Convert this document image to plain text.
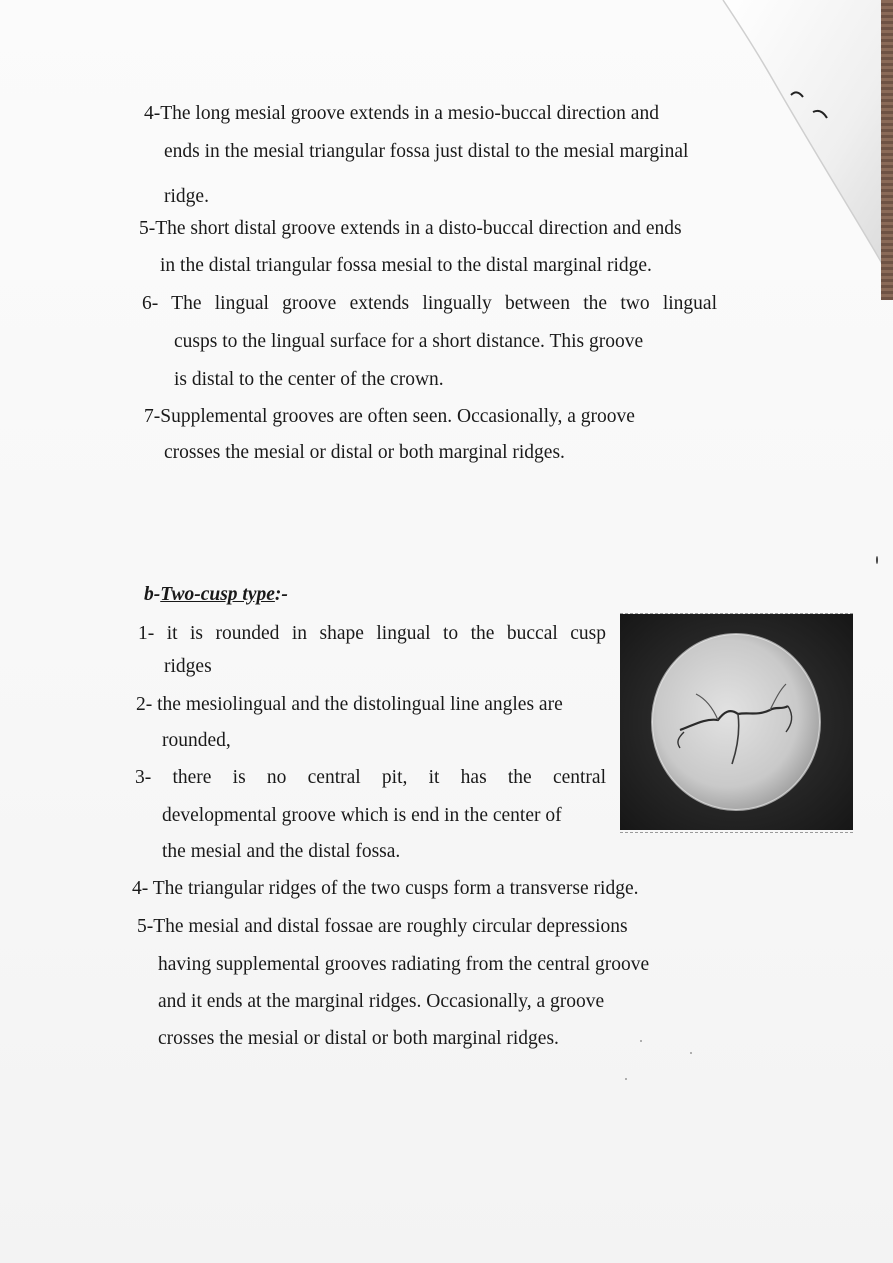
4-The long mesial groove extends in a mesio-buccal direction and
ends in the mesial triangular fossa just distal to the mesial marginal
ridge.
5-The short distal groove extends in a disto-buccal direction and ends
in the distal triangular fossa mesial to the distal marginal ridge.
6- The lingual groove extends lingually between the two lingual
cusps to the lingual surface for a short distance. This groove
is distal to the center of the crown.
7-Supplemental grooves are often seen. Occasionally, a groove
crosses the mesial or distal or both marginal ridges.
b-Two-cusp type:-
1- it is rounded in shape lingual to the buccal cusp
ridges
2- the mesiolingual and the distolingual line angles are
rounded,
3- there is no central pit, it has the central
developmental groove which is end in the center of
the mesial and the distal fossa.
4- The triangular ridges of the two cusps form a transverse ridge.
5-The mesial and distal fossae are roughly circular depressions
having supplemental grooves radiating from the central groove
and it ends at the marginal ridges. Occasionally, a groove
crosses the mesial or distal or both marginal ridges.
